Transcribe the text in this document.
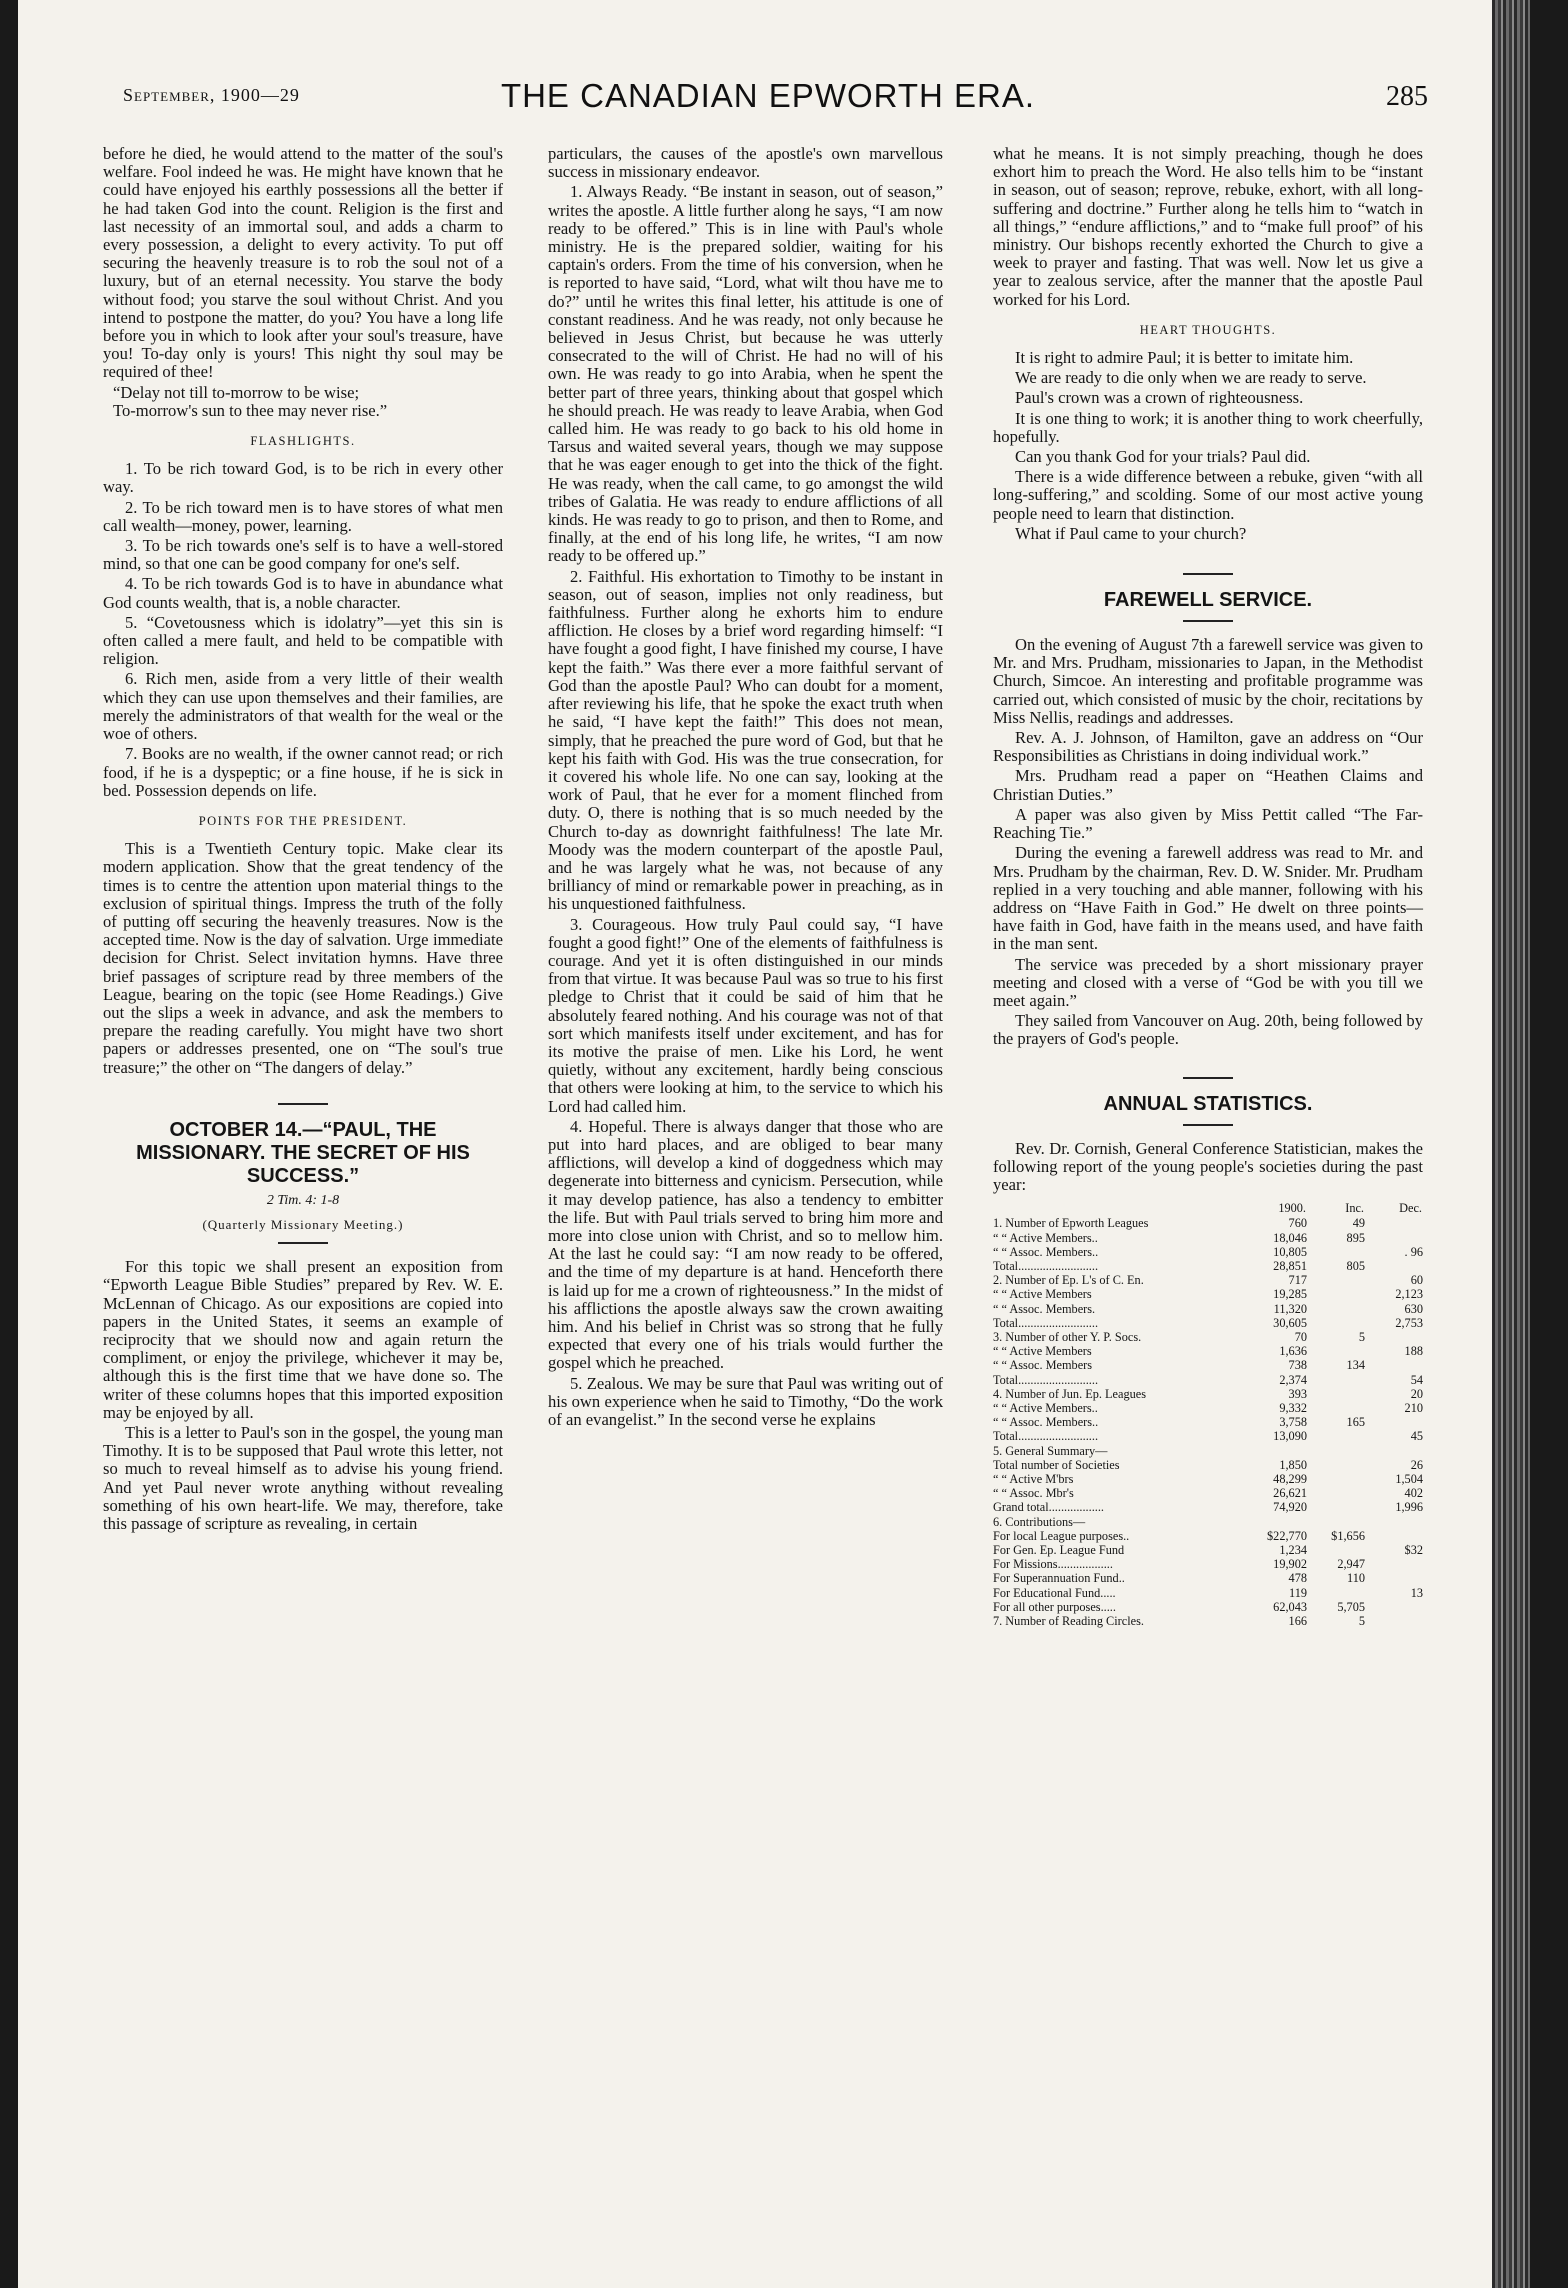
September, 1900—29	THE CANADIAN EPWORTH ERA.	285

before he died, he would attend to the matter of the soul's welfare. Fool indeed he was. He might have known that he could have enjoyed his earthly possessions all the better if he had taken God into the count. Religion is the first and last necessity of an immortal soul, and adds a charm to every possession, a delight to every activity. To put off securing the heavenly treasure is to rob the soul not of a luxury, but of an eternal necessity. You starve the body without food; you starve the soul without Christ. And you intend to postpone the matter, do you? You have a long life before you in which to look after your soul's treasure, have you! To-day only is yours! This night thy soul may be required of thee!

“Delay not till to-morrow to be wise;
To-morrow's sun to thee may never rise.”
FLASHLIGHTS.

1. To be rich toward God, is to be rich in every other way.

2. To be rich toward men is to have stores of what men call wealth—money, power, learning.

3. To be rich towards one's self is to have a well-stored mind, so that one can be good company for one's self.

4. To be rich towards God is to have in abundance what God counts wealth, that is, a noble character.

5. “Covetousness which is idolatry”—yet this sin is often called a mere fault, and held to be compatible with religion.

6. Rich men, aside from a very little of their wealth which they can use upon themselves and their families, are merely the administrators of that wealth for the weal or the woe of others.

7. Books are no wealth, if the owner cannot read; or rich food, if he is a dyspeptic; or a fine house, if he is sick in bed. Possession depends on life.

POINTS FOR THE PRESIDENT.

This is a Twentieth Century topic. Make clear its modern application. Show that the great tendency of the times is to centre the attention upon material things to the exclusion of spiritual things. Impress the truth of the folly of putting off securing the heavenly treasures. Now is the accepted time. Now is the day of salvation. Urge immediate decision for Christ. Select invitation hymns. Have three brief passages of scripture read by three members of the League, bearing on the topic (see Home Readings.) Give out the slips a week in advance, and ask the members to prepare the reading carefully. You might have two short papers or addresses presented, one on “The soul's true treasure;” the other on “The dangers of delay.”

OCTOBER 14.—“PAUL, THE MISSIONARY. THE SECRET OF HIS SUCCESS.”
2 Tim. 4: 1-8
(Quarterly Missionary Meeting.)

For this topic we shall present an exposition from “Epworth League Bible Studies” prepared by Rev. W. E. McLennan of Chicago. As our expositions are copied into papers in the United States, it seems an example of reciprocity that we should now and again return the compliment, or enjoy the privilege, whichever it may be, although this is the first time that we have done so. The writer of these columns hopes that this imported exposition may be enjoyed by all.

This is a letter to Paul's son in the gospel, the young man Timothy. It is to be supposed that Paul wrote this letter, not so much to reveal himself as to advise his young friend. And yet Paul never wrote anything without revealing something of his own heart-life. We may, therefore, take this passage of scripture as revealing, in certain

particulars, the causes of the apostle's own marvellous success in missionary endeavor.

1. Always Ready. “Be instant in season, out of season,” writes the apostle. A little further along he says, “I am now ready to be offered.” This is in line with Paul's whole ministry. He is the prepared soldier, waiting for his captain's orders. From the time of his conversion, when he is reported to have said, “Lord, what wilt thou have me to do?” until he writes this final letter, his attitude is one of constant readiness. And he was ready, not only because he believed in Jesus Christ, but because he was utterly consecrated to the will of Christ. He had no will of his own. He was ready to go into Arabia, when he spent the better part of three years, thinking about that gospel which he should preach. He was ready to leave Arabia, when God called him. He was ready to go back to his old home in Tarsus and waited several years, though we may suppose that he was eager enough to get into the thick of the fight. He was ready, when the call came, to go amongst the wild tribes of Galatia. He was ready to endure afflictions of all kinds. He was ready to go to prison, and then to Rome, and finally, at the end of his long life, he writes, “I am now ready to be offered up.”

2. Faithful. His exhortation to Timothy to be instant in season, out of season, implies not only readiness, but faithfulness. Further along he exhorts him to endure affliction. He closes by a brief word regarding himself: “I have fought a good fight, I have finished my course, I have kept the faith.” Was there ever a more faithful servant of God than the apostle Paul? Who can doubt for a moment, after reviewing his life, that he spoke the exact truth when he said, “I have kept the faith!” This does not mean, simply, that he preached the pure word of God, but that he kept his faith with God. His was the true consecration, for it covered his whole life. No one can say, looking at the work of Paul, that he ever for a moment flinched from duty. O, there is nothing that is so much needed by the Church to-day as downright faithfulness! The late Mr. Moody was the modern counterpart of the apostle Paul, and he was largely what he was, not because of any brilliancy of mind or remarkable power in preaching, as in his unquestioned faithfulness.

3. Courageous. How truly Paul could say, “I have fought a good fight!” One of the elements of faithfulness is courage. And yet it is often distinguished in our minds from that virtue. It was because Paul was so true to his first pledge to Christ that it could be said of him that he absolutely feared nothing. And his courage was not of that sort which manifests itself under excitement, and has for its motive the praise of men. Like his Lord, he went quietly, without any excitement, hardly being conscious that others were looking at him, to the service to which his Lord had called him.

4. Hopeful. There is always danger that those who are put into hard places, and are obliged to bear many afflictions, will develop a kind of doggedness which may degenerate into bitterness and cynicism. Persecution, while it may develop patience, has also a tendency to embitter the life. But with Paul trials served to bring him more and more into close union with Christ, and so to mellow him. At the last he could say: “I am now ready to be offered, and the time of my departure is at hand. Henceforth there is laid up for me a crown of righteousness.” In the midst of his afflictions the apostle always saw the crown awaiting him. And his belief in Christ was so strong that he fully expected that every one of his trials would further the gospel which he preached.

5. Zealous. We may be sure that Paul was writing out of his own experience when he said to Timothy, “Do the work of an evangelist.” In the second verse he explains

what he means. It is not simply preaching, though he does exhort him to preach the Word. He also tells him to be “instant in season, out of season; reprove, rebuke, exhort, with all long-suffering and doctrine.” Further along he tells him to “watch in all things,” “endure afflictions,” and to “make full proof” of his ministry. Our bishops recently exhorted the Church to give a week to prayer and fasting. That was well. Now let us give a year to zealous service, after the manner that the apostle Paul worked for his Lord.

HEART THOUGHTS.

It is right to admire Paul; it is better to imitate him.

We are ready to die only when we are ready to serve.

Paul's crown was a crown of righteousness.

It is one thing to work; it is another thing to work cheerfully, hopefully.

Can you thank God for your trials? Paul did.

There is a wide difference between a rebuke, given “with all long-suffering,” and scolding. Some of our most active young people need to learn that distinction.

What if Paul came to your church?

FAREWELL SERVICE.

On the evening of August 7th a farewell service was given to Mr. and Mrs. Prudham, missionaries to Japan, in the Methodist Church, Simcoe. An interesting and profitable programme was carried out, which consisted of music by the choir, recitations by Miss Nellis, readings and addresses.

Rev. A. J. Johnson, of Hamilton, gave an address on “Our Responsibilities as Christians in doing individual work.”

Mrs. Prudham read a paper on “Heathen Claims and Christian Duties.”

A paper was also given by Miss Pettit called “The Far-Reaching Tie.”

During the evening a farewell address was read to Mr. and Mrs. Prudham by the chairman, Rev. D. W. Snider. Mr. Prudham replied in a very touching and able manner, following with his address on “Have Faith in God.” He dwelt on three points—have faith in God, have faith in the means used, and have faith in the man sent.

The service was preceded by a short missionary prayer meeting and closed with a verse of “God be with you till we meet again.”

They sailed from Vancouver on Aug. 20th, being followed by the prayers of God's people.

ANNUAL STATISTICS.

Rev. Dr. Cornish, General Conference Statistician, makes the following report of the young people's societies during the past year:

	1900.	Inc.	Dec.
1. Number of Epworth Leagues	760	49	
“ “ Active Members..	18,046	895	
“ “ Assoc. Members..	10,805		. 96
Total..........................	28,851	805	
2. Number of Ep. L's of C. En.	717		60
“ “ Active Members	19,285		2,123
“ “ Assoc. Members.	11,320		630
Total..........................	30,605		2,753
3. Number of other Y. P. Socs.	70	5	
“ “ Active Members	1,636		188
“ “ Assoc. Members	738	134	
Total..........................	2,374		54
4. Number of Jun. Ep. Leagues	393		20
“ “ Active Members..	9,332		210
“ “ Assoc. Members..	3,758	165	
Total..........................	13,090		45
5. General Summary—			
Total number of Societies	1,850		26
“ “ Active M'brs	48,299		1,504
“ “ Assoc. Mbr's	26,621		402
Grand total..................	74,920		1,996
6. Contributions—			
For local League purposes..	$22,770	$1,656	
For Gen. Ep. League Fund	1,234		$32
For Missions..................	19,902	2,947	
For Superannuation Fund..	478	110	
For Educational Fund.....	119		13
For all other purposes.....	62,043	5,705	
7. Number of Reading Circles.	166	5	
